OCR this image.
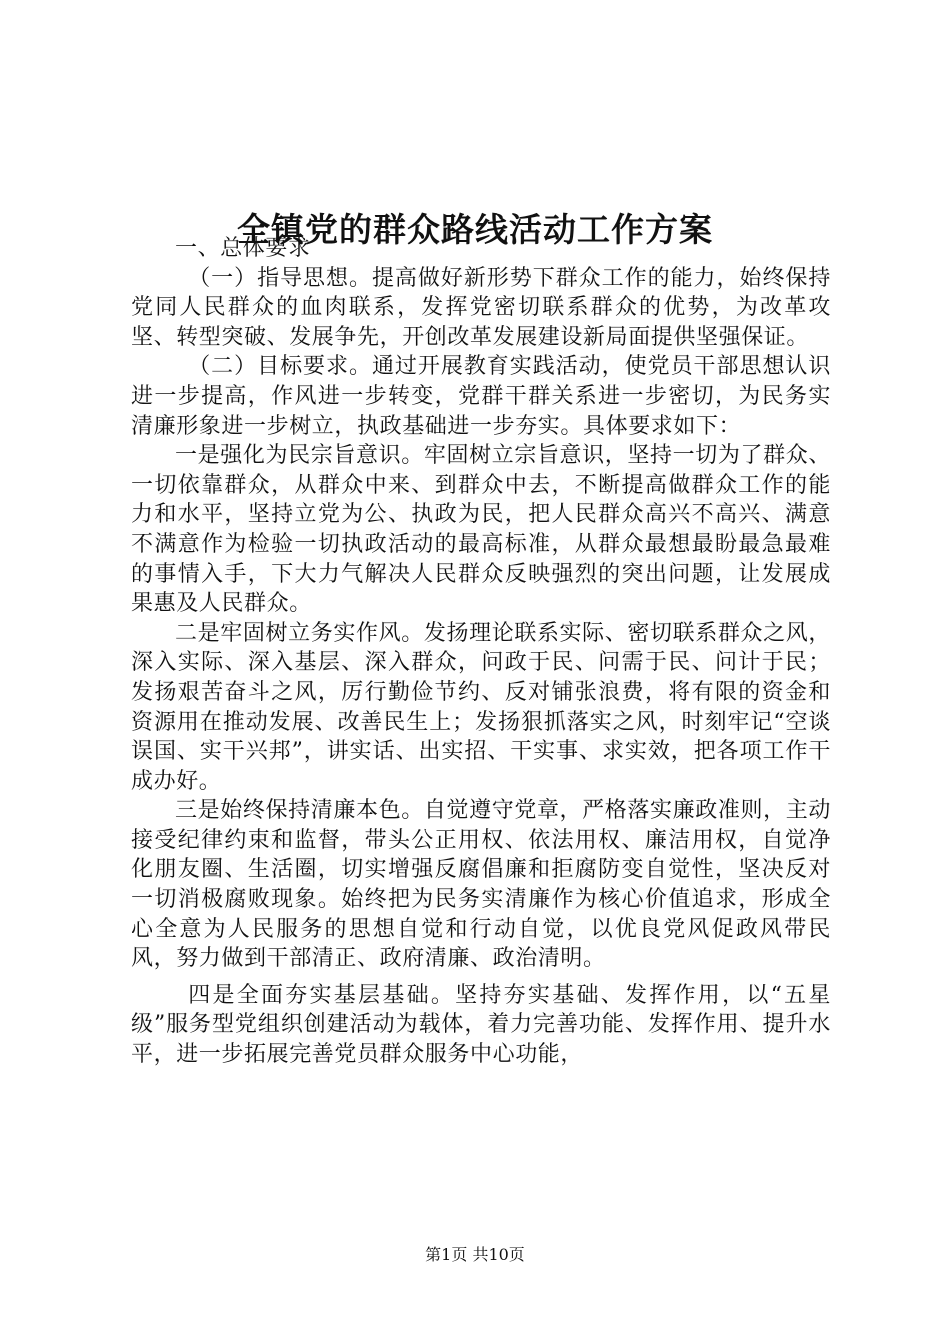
全镇党的群众路线活动工作方案

一、总体要求

（一）指导思想。提高做好新形势下群众工作的能力，始终保持党同人民群众的血肉联系，发挥党密切联系群众的优势，为改革攻坚、转型突破、发展争先，开创改革发展建设新局面提供坚强保证。

（二）目标要求。通过开展教育实践活动，使党员干部思想认识进一步提高，作风进一步转变，党群干群关系进一步密切，为民务实清廉形象进一步树立，执政基础进一步夯实。具体要求如下：

一是强化为民宗旨意识。牢固树立宗旨意识，坚持一切为了群众、一切依靠群众，从群众中来、到群众中去，不断提高做群众工作的能力和水平，坚持立党为公、执政为民，把人民群众高兴不高兴、满意不满意作为检验一切执政活动的最高标准，从群众最想最盼最急最难的事情入手，下大力气解决人民群众反映强烈的突出问题，让发展成果惠及人民群众。

二是牢固树立务实作风。发扬理论联系实际、密切联系群众之风，深入实际、深入基层、深入群众，问政于民、问需于民、问计于民；发扬艰苦奋斗之风，厉行勤俭节约、反对铺张浪费，将有限的资金和资源用在推动发展、改善民生上；发扬狠抓落实之风，时刻牢记“空谈误国、实干兴邦”，讲实话、出实招、干实事、求实效，把各项工作干成办好。

三是始终保持清廉本色。自觉遵守党章，严格落实廉政准则，主动接受纪律约束和监督，带头公正用权、依法用权、廉洁用权，自觉净化朋友圈、生活圈，切实增强反腐倡廉和拒腐防变自觉性，坚决反对一切消极腐败现象。始终把为民务实清廉作为核心价值追求，形成全心全意为人民服务的思想自觉和行动自觉，以优良党风促政风带民风，努力做到干部清正、政府清廉、政治清明。

四是全面夯实基层基础。坚持夯实基础、发挥作用，以“五星级”服务型党组织创建活动为载体，着力完善功能、发挥作用、提升水平，进一步拓展完善党员群众服务中心功能，

第1页 共10页
